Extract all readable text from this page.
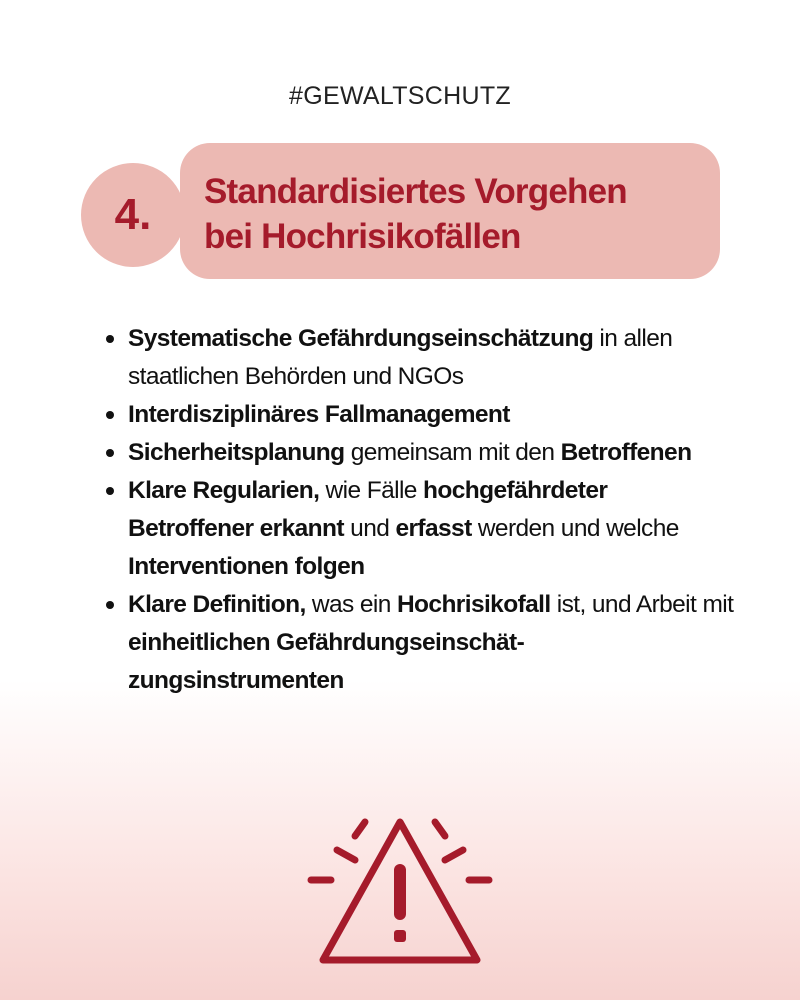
#GEWALTSCHUTZ
4. Standardisiertes Vorgehen
bei Hochrisikofällen
Systematische Gefährdungseinschätzung in allen staatlichen Behörden und NGOs
Interdisziplinäres Fallmanagement
Sicherheitsplanung gemeinsam mit den Betroffenen
Klare Regularien, wie Fälle hochgefährdeter Betroffener erkannt und erfasst werden und welche Interventionen folgen
Klare Definition, was ein Hochrisikofall ist, und Arbeit mit einheitlichen Gefährdungseinschät-zungsinstrumenten
